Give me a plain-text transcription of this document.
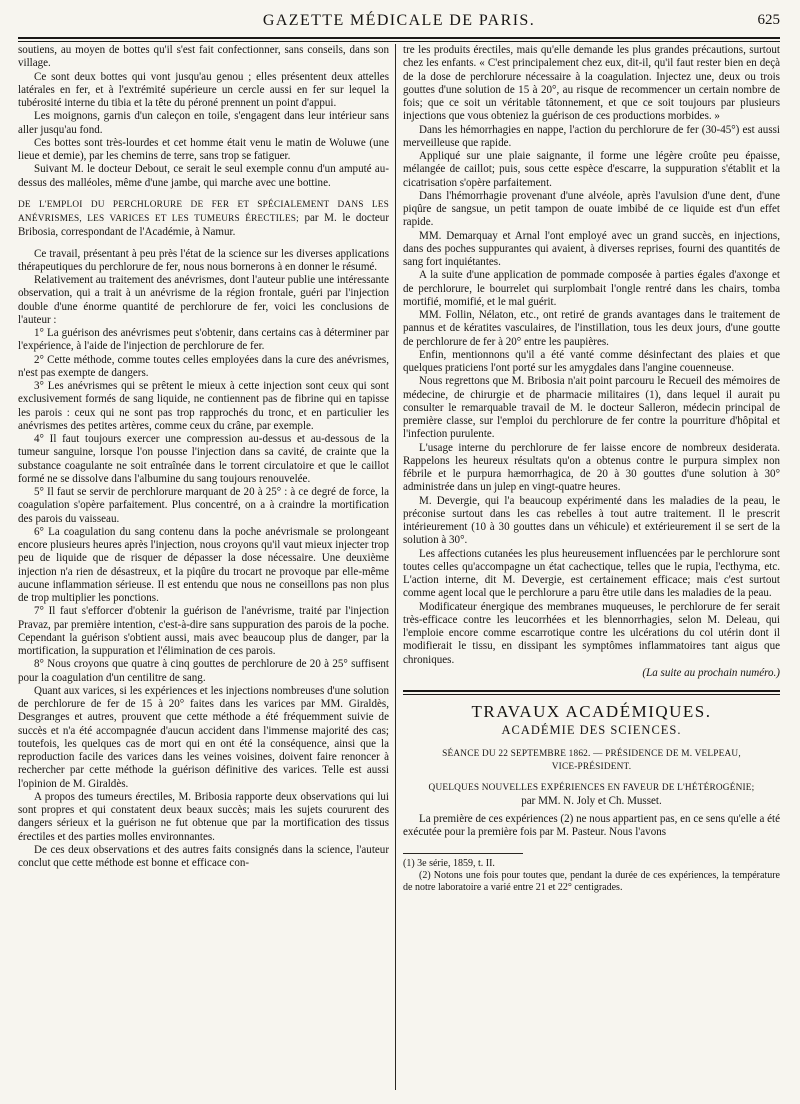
GAZETTE MÉDICALE DE PARIS.	625

soutiens, au moyen de bottes qu'il s'est fait confectionner, sans conseils, dans son village.

Ce sont deux bottes qui vont jusqu'au genou ; elles présentent deux attelles latérales en fer, et à l'extrémité supérieure un cercle aussi en fer sur lequel la tubérosité interne du tibia et la tête du péroné prennent un point d'appui.

Les moignons, garnis d'un caleçon en toile, s'engagent dans leur intérieur sans aller jusqu'au fond.

Ces bottes sont très-lourdes et cet homme était venu le matin de Woluwe (une lieue et demie), par les chemins de terre, sans trop se fatiguer.

Suivant M. le docteur Debout, ce serait le seul exemple connu d'un amputé au-dessus des malléoles, même d'une jambe, qui marche avec une bottine.

DE L'EMPLOI DU PERCHLORURE DE FER ET SPÉCIALEMENT DANS LES ANÉVRISMES, LES VARICES ET LES TUMEURS ÉRECTILES; par M. le docteur Bribosia, correspondant de l'Académie, à Namur.

Ce travail, présentant à peu près l'état de la science sur les diverses applications thérapeutiques du perchlorure de fer, nous nous bornerons à en donner le résumé.

Relativement au traitement des anévrismes, dont l'auteur publie une intéressante observation, qui a trait à un anévrisme de la région frontale, guéri par l'injection double d'une énorme quantité de perchlorure de fer, voici les conclusions de l'auteur :

1° La guérison des anévrismes peut s'obtenir, dans certains cas à déterminer par l'expérience, à l'aide de l'injection de perchlorure de fer.

2° Cette méthode, comme toutes celles employées dans la cure des anévrismes, n'est pas exempte de dangers.

3° Les anévrismes qui se prêtent le mieux à cette injection sont ceux qui sont exclusivement formés de sang liquide, ne contiennent pas de fibrine qui en tapisse les parois : ceux qui ne sont pas trop rapprochés du tronc, et en particulier les anévrismes des petites artères, comme ceux du crâne, par exemple.

4° Il faut toujours exercer une compression au-dessus et au-dessous de la tumeur sanguine, lorsque l'on pousse l'injection dans sa cavité, de crainte que la substance coagulante ne soit entraînée dans le torrent circulatoire et que le caillot formé ne se dissolve dans l'albumine du sang toujours renouvelée.

5° Il faut se servir de perchlorure marquant de 20 à 25° : à ce degré de force, la coagulation s'opère parfaitement. Plus concentré, on a à craindre la mortification des parois du vaisseau.

6° La coagulation du sang contenu dans la poche anévrismale se prolongeant encore plusieurs heures après l'injection, nous croyons qu'il vaut mieux injecter trop peu de liquide que de risquer de dépasser la dose nécessaire. Une deuxième injection n'a rien de désastreux, et la piqûre du trocart ne provoque par elle-même aucune inflammation sérieuse. Il est entendu que nous ne conseillons pas non plus de trop multiplier les ponctions.

7° Il faut s'efforcer d'obtenir la guérison de l'anévrisme, traité par l'injection Pravaz, par première intention, c'est-à-dire sans suppuration des parois de la poche. Cependant la guérison s'obtient aussi, mais avec beaucoup plus de danger, par la mortification, la suppuration et l'élimination de ces parois.

8° Nous croyons que quatre à cinq gouttes de perchlorure de 20 à 25° suffisent pour la coagulation d'un centilitre de sang.

Quant aux varices, si les expériences et les injections nombreuses d'une solution de perchlorure de fer de 15 à 20° faites dans les varices par MM. Giraldès, Desgranges et autres, prouvent que cette méthode a été fréquemment suivie de succès et n'a été accompagnée d'aucun accident dans l'immense majorité des cas; toutefois, les quelques cas de mort qui en ont été la conséquence, ainsi que la reproduction facile des varices dans les veines voisines, doivent faire renoncer à rechercher par cette méthode la guérison définitive des varices. Telle est aussi l'opinion de M. Giraldès.

A propos des tumeurs érectiles, M. Bribosia rapporte deux observations qui lui sont propres et qui constatent deux beaux succès; mais les sujets coururent des dangers sérieux et la guérison ne fut obtenue que par la mortification des tissus érectiles et des parties molles environnantes.

De ces deux observations et des autres faits consignés dans la science, l'auteur conclut que cette méthode est bonne et efficace con-

tre les produits érectiles, mais qu'elle demande les plus grandes précautions, surtout chez les enfants. « C'est principalement chez eux, dit-il, qu'il faut rester bien en deçà de la dose de perchlorure nécessaire à la coagulation. Injectez une, deux ou trois gouttes d'une solution de 15 à 20°, au risque de recommencer un certain nombre de fois; que ce soit un véritable tâtonnement, et que ce soit toujours par plusieurs injections que vous obteniez la guérison de ces productions morbides. »

Dans les hémorrhagies en nappe, l'action du perchlorure de fer (30-45°) est aussi merveilleuse que rapide.

Appliqué sur une plaie saignante, il forme une légère croûte peu épaisse, mélangée de caillot; puis, sous cette espèce d'escarre, la suppuration s'établit et la cicatrisation s'opère parfaitement.

Dans l'hémorrhagie provenant d'une alvéole, après l'avulsion d'une dent, d'une piqûre de sangsue, un petit tampon de ouate imbibé de ce liquide est d'un effet rapide.

MM. Demarquay et Arnal l'ont employé avec un grand succès, en injections, dans des poches suppurantes qui avaient, à diverses reprises, fourni des quantités de sang fort inquiétantes.

A la suite d'une application de pommade composée à parties égales d'axonge et de perchlorure, le bourrelet qui surplombait l'ongle rentré dans les chairs, tomba mortifié, momifié, et le mal guérit.

MM. Follin, Nélaton, etc., ont retiré de grands avantages dans le traitement de pannus et de kératites vasculaires, de l'instillation, tous les deux jours, d'une goutte de perchlorure de fer à 20° entre les paupières.

Enfin, mentionnons qu'il a été vanté comme désinfectant des plaies et que quelques praticiens l'ont porté sur les amygdales dans l'angine couenneuse.

Nous regrettons que M. Bribosia n'ait point parcouru le Recueil des mémoires de médecine, de chirurgie et de pharmacie militaires (1), dans lequel il aurait pu consulter le remarquable travail de M. le docteur Salleron, médecin principal de première classe, sur l'emploi du perchlorure de fer contre la pourriture d'hôpital et l'infection purulente.

L'usage interne du perchlorure de fer laisse encore de nombreux desiderata. Rappelons les heureux résultats qu'on a obtenus contre le purpura simplex non fébrile et le purpura hæmorrhagica, de 20 à 30 gouttes d'une solution à 30° administrée dans un julep en vingt-quatre heures.

M. Devergie, qui l'a beaucoup expérimenté dans les maladies de la peau, le préconise surtout dans les cas rebelles à tout autre traitement. Il le prescrit intérieurement (10 à 30 gouttes dans un véhicule) et extérieurement il se sert de la solution à 30°.

Les affections cutanées les plus heureusement influencées par le perchlorure sont toutes celles qu'accompagne un état cachectique, telles que le rupia, l'ecthyma, etc. L'action interne, dit M. Devergie, est certainement efficace; mais c'est surtout comme agent local que le perchlorure a paru être utile dans les maladies de la peau.

Modificateur énergique des membranes muqueuses, le perchlorure de fer serait très-efficace contre les leucorrhées et les blennorrhagies, selon M. Deleau, qui l'emploie encore comme escarrotique contre les ulcérations du col utérin dont il modifierait le tissu, en dissipant les symptômes inflammatoires tant aigus que chroniques.

(La suite au prochain numéro.)

TRAVAUX ACADÉMIQUES.

ACADÉMIE DES SCIENCES.

SÉANCE DU 22 SEPTEMBRE 1862. — PRÉSIDENCE DE M. VELPEAU,

VICE-PRÉSIDENT.

QUELQUES NOUVELLES EXPÉRIENCES EN FAVEUR DE L'HÉTÉROGÉNIE;

par MM. N. Joly et Ch. Musset.

La première de ces expériences (2) ne nous appartient pas, en ce sens qu'elle a été exécutée pour la première fois par M. Pasteur. Nous l'avons

(1) 3e série, 1859, t. II.

(2) Notons une fois pour toutes que, pendant la durée de ces expériences, la température de notre laboratoire a varié entre 21 et 22° centigrades.
